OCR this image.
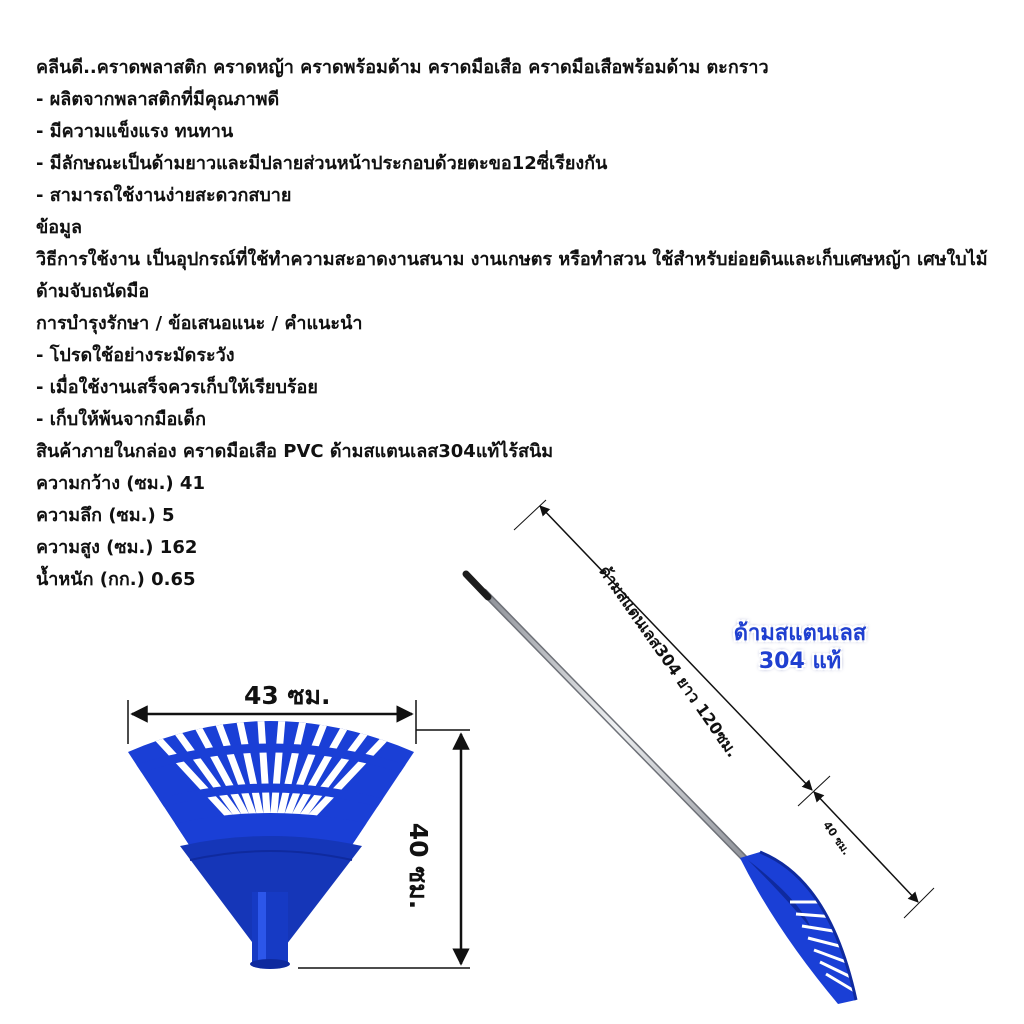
คลีนดี..คราดพลาสติก คราดหญ้า คราดพร้อมด้าม คราดมือเสือ คราดมือเสือพร้อมด้าม ตะกราว
- ผลิตจากพลาสติกที่มีคุณภาพดี
- มีความแข็งแรง ทนทาน
- มีลักษณะเป็นด้ามยาวและมีปลายส่วนหน้าประกอบด้วยตะขอ12ซี่เรียงกัน
- สามารถใช้งานง่ายสะดวกสบาย
ข้อมูล
วิธีการใช้งาน เป็นอุปกรณ์ที่ใช้ทำความสะอาดงานสนาม งานเกษตร หรือทำสวน ใช้สำหรับย่อยดินและเก็บเศษหญ้า เศษใบไม้ ด้ามจับถนัดมือ
การบำรุงรักษา / ข้อเสนอแนะ / คำแนะนำ
- โปรดใช้อย่างระมัดระวัง
- เมื่อใช้งานเสร็จควรเก็บให้เรียบร้อย
- เก็บให้พ้นจากมือเด็ก
สินค้าภายในกล่อง คราดมือเสือ PVC ด้ามสแตนเลส304แท้ไร้สนิม
ความกว้าง (ซม.) 41
ความลึก (ซม.) 5
ความสูง (ซม.) 162
น้ำหนัก (กก.) 0.65
43 ซม.
40 ซม.
ด้ามสแตนเลส304 ยาว 120ซม.
40 ซม.
ด้ามสแตนเลส
304 แท้
